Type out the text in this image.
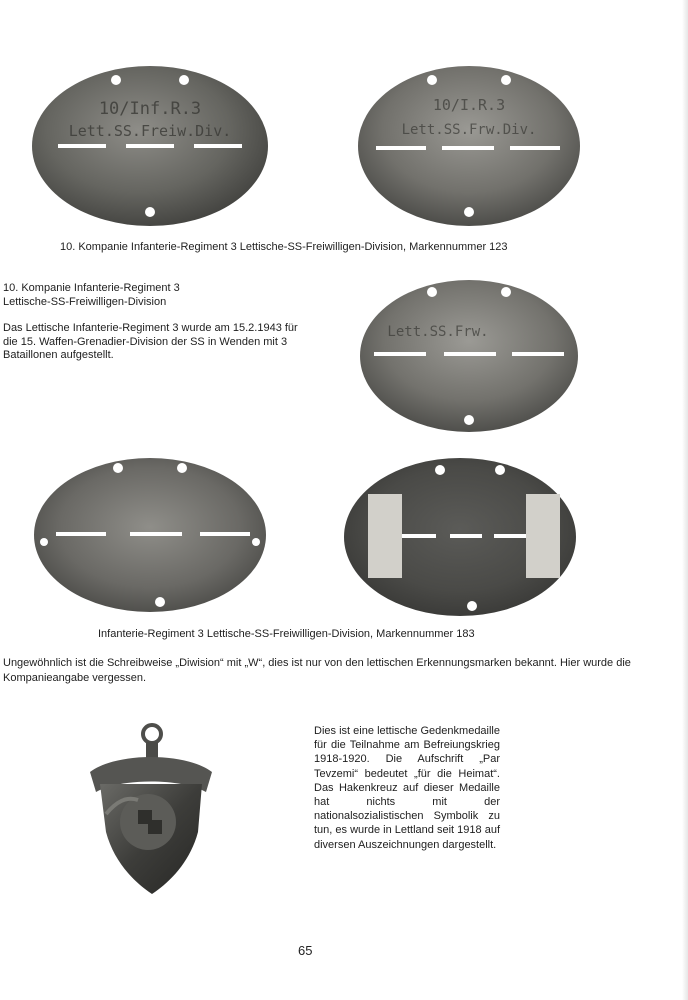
10/Inf.R.3
Lett.SS.Freiw.Div.
10/I.R.3
Lett.SS.Frw.Div.
10. Kompanie Infanterie-Regiment 3 Lettische-SS-Freiwilligen-Division, Markennummer 123

10. Kompanie Infanterie-Regiment 3

Lettische-SS-Freiwilligen-Division

Das Lettische Infanterie-Regiment 3 wurde am 15.2.1943 für die 15. Waffen-Grenadier-Division der SS in Wenden mit 3 Bataillonen aufgestellt.

Lett.SS.Frw.
Infanterie-Regiment 3 Lettische-SS-Freiwilligen-Division, Markennummer 183
Ungewöhnlich ist die Schreibweise „Diwision“ mit „W“, dies ist nur von den lettischen Erkennungsmarken bekannt. Hier wurde die Kompanieangabe vergessen.
Dies ist eine lettische Gedenkmedaille für die Teilnahme am Befreiungskrieg 1918-1920. Die Aufschrift „Par Tevzemi“ bedeutet „für die Heimat“. Das Hakenkreuz auf dieser Medaille hat nichts mit der nationalsozialistischen Symbolik zu tun, es wurde in Lettland seit 1918 auf diversen Auszeichnungen dargestellt.
65
